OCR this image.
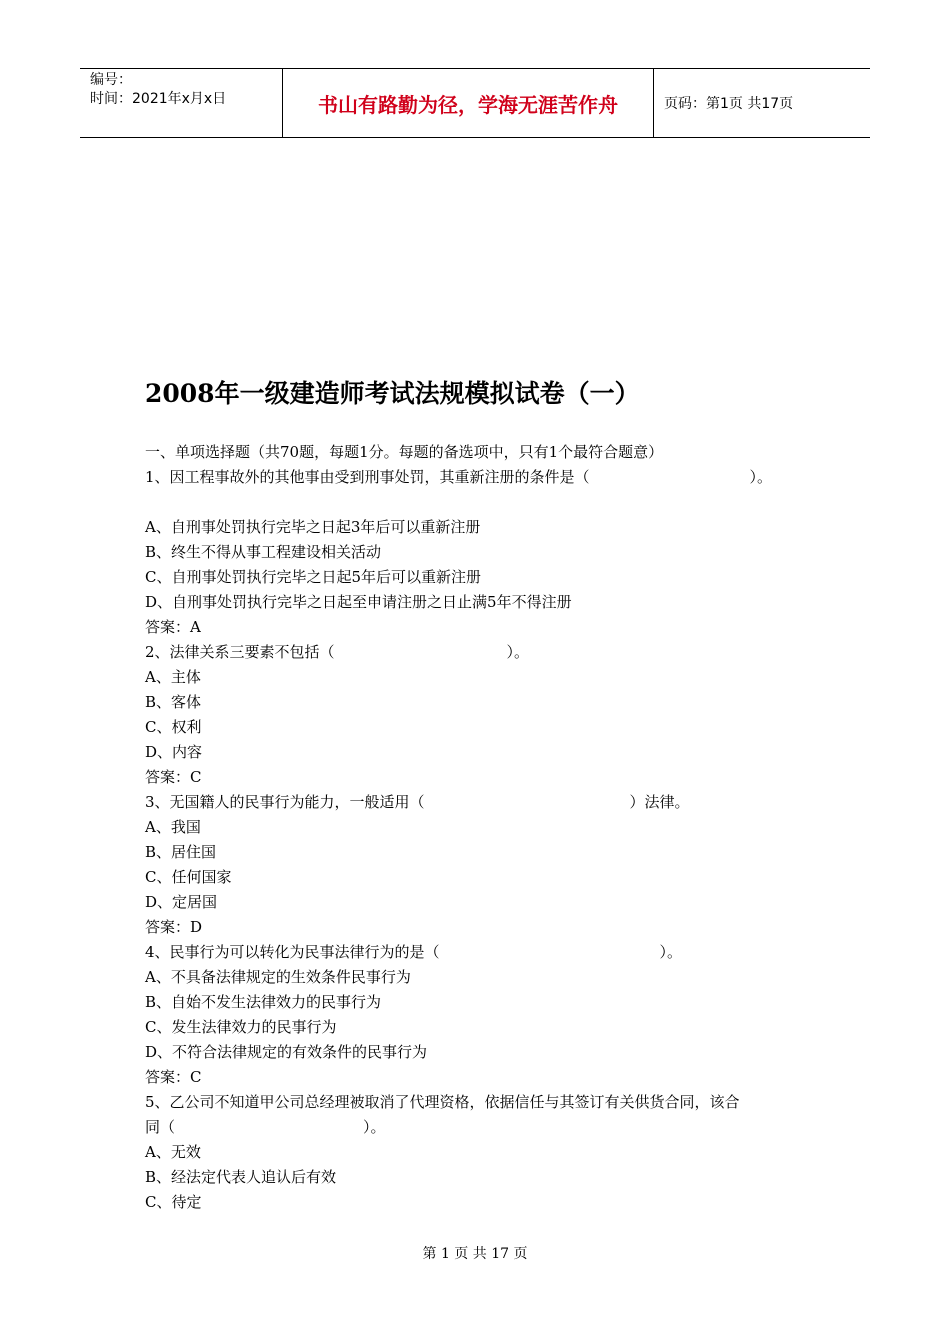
编号：
时间：2021年x月x日	书山有路勤为径，学海无涯苦作舟	页码：第1页 共17页
2008年一级建造师考试法规模拟试卷（一）
一、单项选择题（共70题，每题1分。每题的备选项中，只有1个最符合题意）
1、因工程事故外的其他事由受到刑事处罚，其重新注册的条件是（	）。
A、自刑事处罚执行完毕之日起3年后可以重新注册
B、终生不得从事工程建设相关活动
C、自刑事处罚执行完毕之日起5年后可以重新注册
D、自刑事处罚执行完毕之日起至申请注册之日止满5年不得注册
答案：A
2、法律关系三要素不包括（	）。
A、主体
B、客体
C、权利
D、内容
答案：C
3、无国籍人的民事行为能力，一般适用（	）法律。
A、我国
B、居住国
C、任何国家
D、定居国
答案：D
4、民事行为可以转化为民事法律行为的是（	）。
A、不具备法律规定的生效条件民事行为
B、自始不发生法律效力的民事行为
C、发生法律效力的民事行为
D、不符合法律规定的有效条件的民事行为
答案：C
5、乙公司不知道甲公司总经理被取消了代理资格，依据信任与其签订有关供货合同，该合
同（	）。
A、无效
B、经法定代表人追认后有效
C、待定
第 1 页 共 17 页
